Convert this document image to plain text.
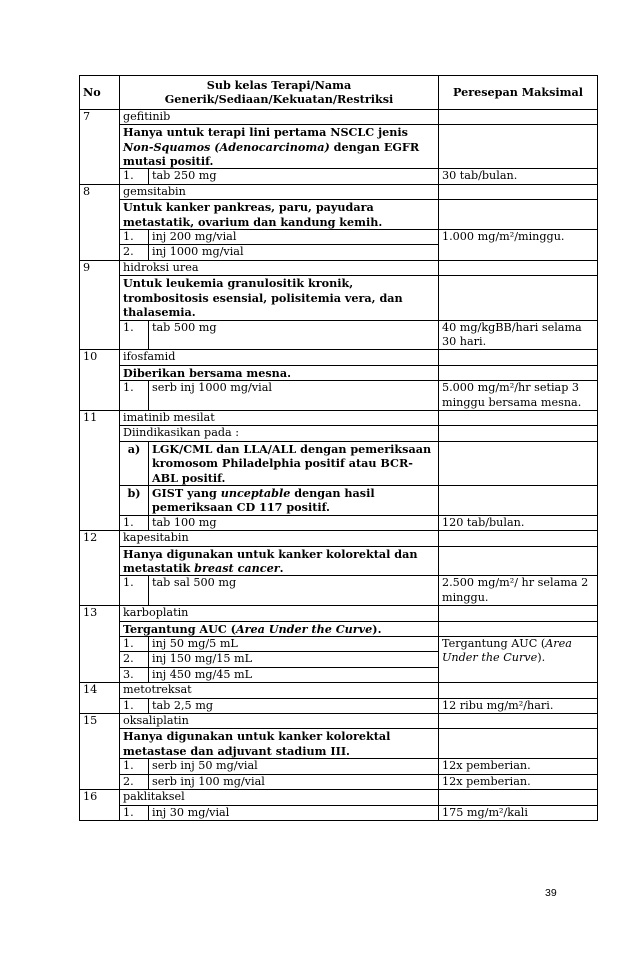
No	Sub kelas Terapi/Nama Generik/Sediaan/Kekuatan/Restriksi		Peresepan Maksimal
7	gefitinib		
	Hanya untuk terapi lini pertama NSCLC jenis Non-Squamos (Adenocarcinoma) dengan EGFR mutasi positif.		
	1.	tab 250 mg	30 tab/bulan.
8	gemsitabin		
	Untuk kanker pankreas, paru, payudara metastatik, ovarium dan kandung kemih.		
	1.	inj 200 mg/vial	1.000 mg/m²/minggu.
	2.	inj 1000 mg/vial	
9	hidroksi urea		
	Untuk leukemia granulositik kronik, trombositosis esensial, polisitemia vera, dan thalasemia.		
	1.	tab 500 mg	40 mg/kgBB/hari selama 30 hari.
10	ifosfamid		
	Diberikan bersama mesna.		
	1.	serb inj 1000 mg/vial	5.000 mg/m²/hr setiap 3 minggu bersama mesna.
11	imatinib mesilat		
	Diindikasikan pada :		
	a)	LGK/CML dan LLA/ALL dengan pemeriksaan kromosom Philadelphia positif atau BCR-ABL positif.	
	b)	GIST yang unceptable dengan hasil pemeriksaan CD 117 positif.	
	1.	tab 100 mg	120 tab/bulan.
12	kapesitabin		
	Hanya digunakan untuk kanker kolorektal dan metastatik breast cancer.		
	1.	tab sal 500 mg	2.500 mg/m²/ hr selama 2 minggu.
13	karboplatin		
	Tergantung AUC (Area Under the Curve).		
	1.	inj 50 mg/5 mL	Tergantung AUC (Area Under the Curve).
	2.	inj 150 mg/15 mL	
	3.	inj 450 mg/45 mL	
14	metotreksat		
	1.	tab 2,5 mg	12 ribu mg/m²/hari.
15	oksaliplatin		
	Hanya digunakan untuk kanker kolorektal metastase dan adjuvant stadium III.		
	1.	serb inj 50 mg/vial	12x pemberian.
	2.	serb inj 100 mg/vial	12x pemberian.
16	paklitaksel		
	1.	inj 30 mg/vial	175 mg/m²/kali
39
